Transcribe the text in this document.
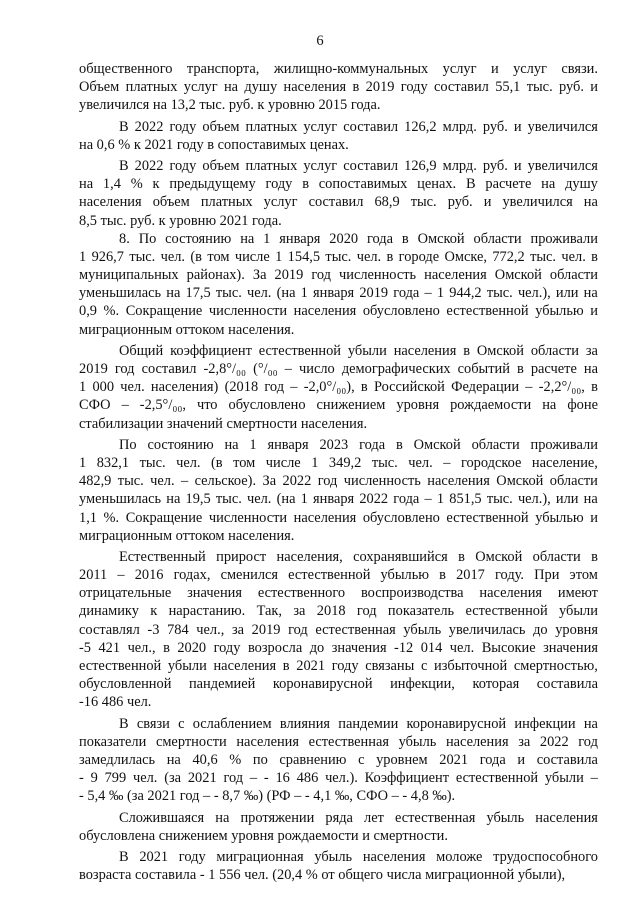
6
общественного транспорта, жилищно-коммунальных услуг и услуг связи.
Объем платных услуг на душу населения в 2019 году составил 55,1 тыс. руб. и
увеличился на 13,2 тыс. руб. к уровню 2015 года.
В 2022 году объем платных услуг составил 126,2 млрд. руб. и увеличился
на 0,6 % к 2021 году в сопоставимых ценах.
В 2022 году объем платных услуг составил 126,9 млрд. руб. и увеличился
на 1,4 % к предыдущему году в сопоставимых ценах. В расчете на душу
населения объем платных услуг составил 68,9 тыс. руб. и увеличился на
8,5 тыс. руб. к уровню 2021 года.
8. По состоянию на 1 января 2020 года в Омской области проживали
1 926,7 тыс. чел. (в том числе 1 154,5 тыс. чел. в городе Омске, 772,2 тыс. чел. в
муниципальных районах). За 2019 год численность населения Омской области
уменьшилась на 17,5 тыс. чел. (на 1 января 2019 года – 1 944,2 тыс. чел.), или на
0,9 %. Сокращение численности населения обусловлено естественной убылью и
миграционным оттоком населения.
Общий коэффициент естественной убыли населения в Омской области за
2019 год составил -2,8°/₀₀ (°/₀₀ – число демографических событий в расчете на
1 000 чел. населения) (2018 год – -2,0°/₀₀), в Российской Федерации – -2,2°/₀₀, в
СФО – -2,5°/₀₀, что обусловлено снижением уровня рождаемости на фоне
стабилизации значений смертности населения.
По состоянию на 1 января 2023 года в Омской области проживали
1 832,1 тыс. чел. (в том числе 1 349,2 тыс. чел. – городское население,
482,9 тыс. чел. – сельское). За 2022 год численность населения Омской области
уменьшилась на 19,5 тыс. чел. (на 1 января 2022 года – 1 851,5 тыс. чел.), или на
1,1 %. Сокращение численности населения обусловлено естественной убылью и
миграционным оттоком населения.
Естественный прирост населения, сохранявшийся в Омской области в
2011 – 2016 годах, сменился естественной убылью в 2017 году. При этом
отрицательные значения естественного воспроизводства населения имеют
динамику к нарастанию. Так, за 2018 год показатель естественной убыли
составлял -3 784 чел., за 2019 год естественная убыль увеличилась до уровня
-5 421 чел., в 2020 году возросла до значения -12 014 чел. Высокие значения
естественной убыли населения в 2021 году связаны с избыточной смертностью,
обусловленной пандемией коронавирусной инфекции, которая составила
-16 486 чел.
В связи с ослаблением влияния пандемии коронавирусной инфекции на
показатели смертности населения естественная убыль населения за 2022 год
замедлилась на 40,6 % по сравнению с уровнем 2021 года и составила
- 9 799 чел. (за 2021 год – - 16 486 чел.). Коэффициент естественной убыли –
- 5,4 ‰ (за 2021 год – - 8,7 ‰) (РФ – - 4,1 ‰, СФО – - 4,8 ‰).
Сложившаяся на протяжении ряда лет естественная убыль населения
обусловлена снижением уровня рождаемости и смертности.
В 2021 году миграционная убыль населения моложе трудоспособного
возраста составила - 1 556 чел. (20,4 % от общего числа миграционной убыли),
